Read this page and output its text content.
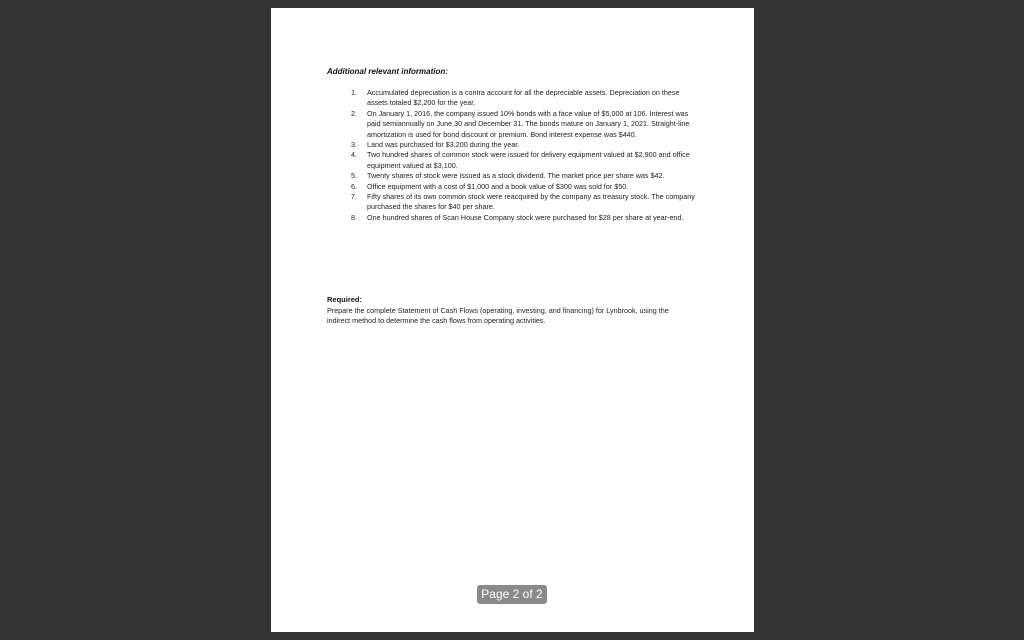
Additional relevant information:
1. Accumulated depreciation is a contra account for all the depreciable assets. Depreciation on these assets totaled $2,200 for the year.
2. On January 1, 2016, the company issued 10% bonds with a face value of $5,000 at 106. Interest was paid semiannually on June 30 and December 31. The bonds mature on January 1, 2021. Straight-line amortization is used for bond discount or premium. Bond interest expense was $440.
3. Land was purchased for $3,200 during the year.
4. Two hundred shares of common stock were issued for delivery equipment valued at $2,900 and office equipment valued at $3,100.
5. Twenty shares of stock were issued as a stock dividend. The market price per share was $42.
6. Office equipment with a cost of $1,000 and a book value of $300 was sold for $50.
7. Fifty shares of its own common stock were reacquired by the company as treasury stock. The company purchased the shares for $40 per share.
8. One hundred shares of Scan House Company stock were purchased for $28 per share at year-end.
Required:
Prepare the complete Statement of Cash Flows (operating, investing, and financing) for Lynbrook, using the indirect method to determine the cash flows from operating activities.
Page 2 of 2
